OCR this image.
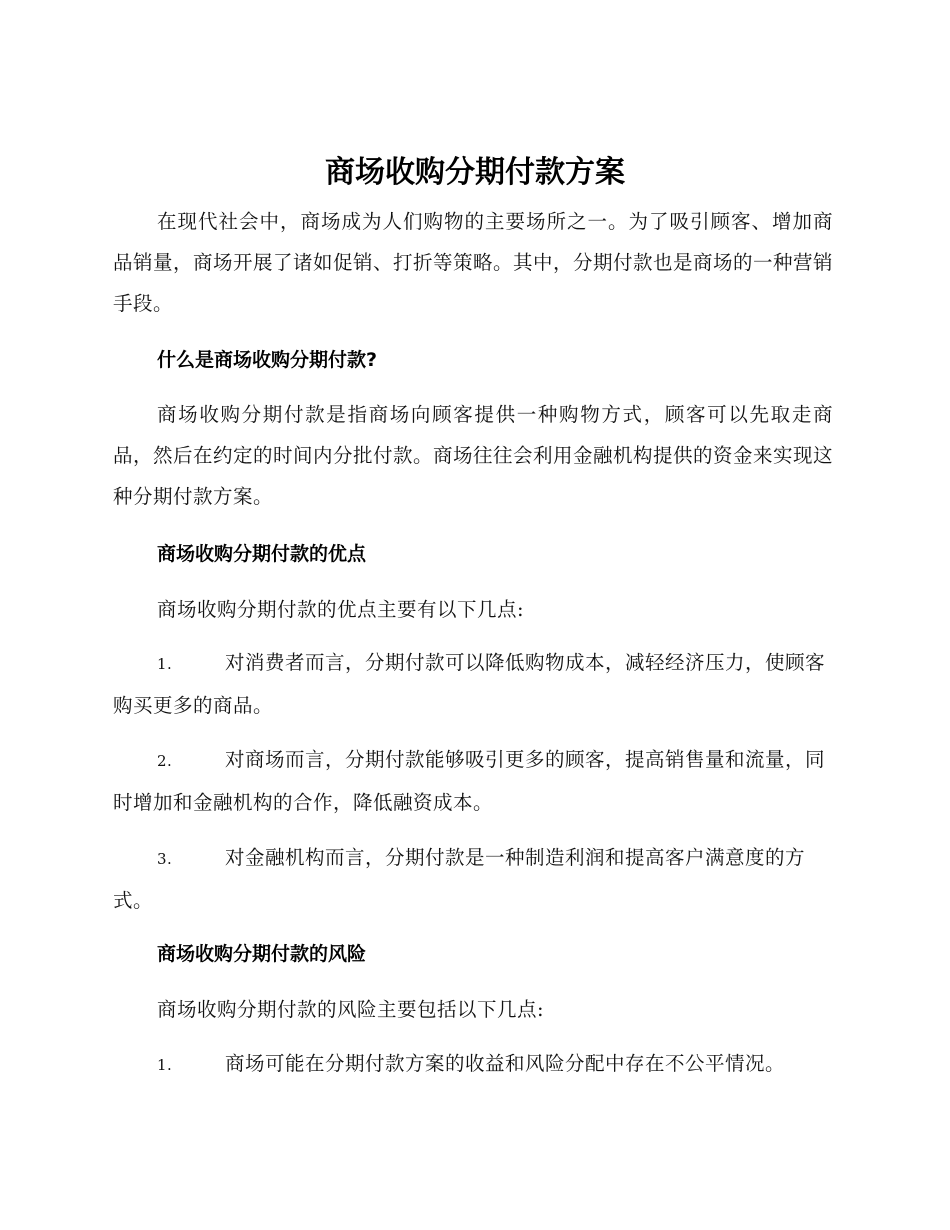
商场收购分期付款方案

在现代社会中，商场成为人们购物的主要场所之一。为了吸引顾客、增加商品销量，商场开展了诸如促销、打折等策略。其中，分期付款也是商场的一种营销手段。

什么是商场收购分期付款?

商场收购分期付款是指商场向顾客提供一种购物方式，顾客可以先取走商品，然后在约定的时间内分批付款。商场往往会利用金融机构提供的资金来实现这种分期付款方案。

商场收购分期付款的优点

商场收购分期付款的优点主要有以下几点:

1.	对消费者而言，分期付款可以降低购物成本，减轻经济压力，使顾客购买更多的商品。

2.	对商场而言，分期付款能够吸引更多的顾客，提高销售量和流量，同时增加和金融机构的合作，降低融资成本。

3.	对金融机构而言，分期付款是一种制造利润和提高客户满意度的方式。

商场收购分期付款的风险

商场收购分期付款的风险主要包括以下几点:

1.	商场可能在分期付款方案的收益和风险分配中存在不公平情况。
